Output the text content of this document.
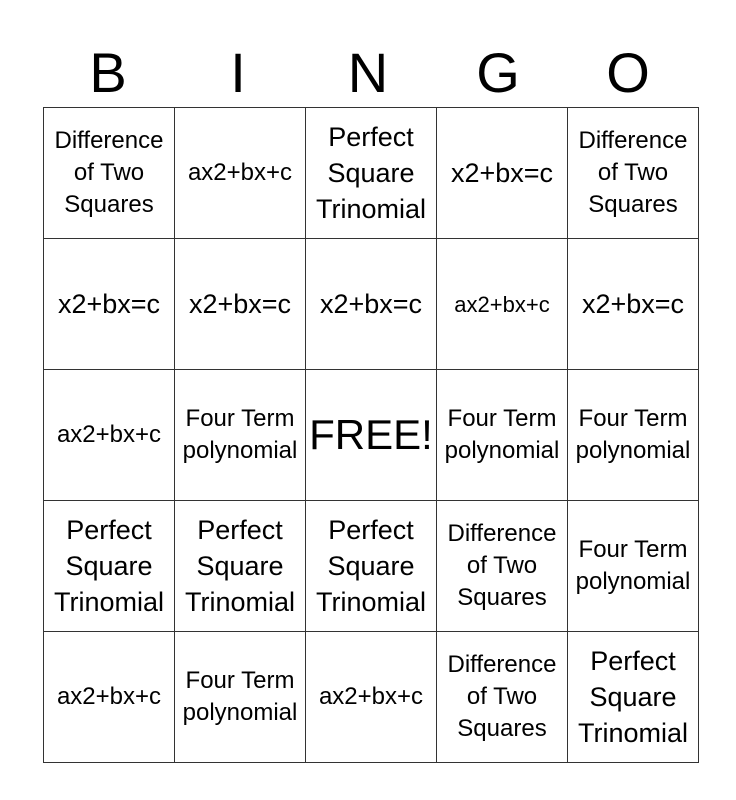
B	I	N	G	O
Difference of Two Squares	ax2+bx+c	Perfect Square Trinomial	x2+bx=c	Difference of Two Squares
x2+bx=c	x2+bx=c	x2+bx=c	ax2+bx+c	x2+bx=c
ax2+bx+c	Four Term polynomial	FREE!	Four Term polynomial	Four Term polynomial
Perfect Square Trinomial	Perfect Square Trinomial	Perfect Square Trinomial	Difference of Two Squares	Four Term polynomial
ax2+bx+c	Four Term polynomial	ax2+bx+c	Difference of Two Squares	Perfect Square Trinomial
